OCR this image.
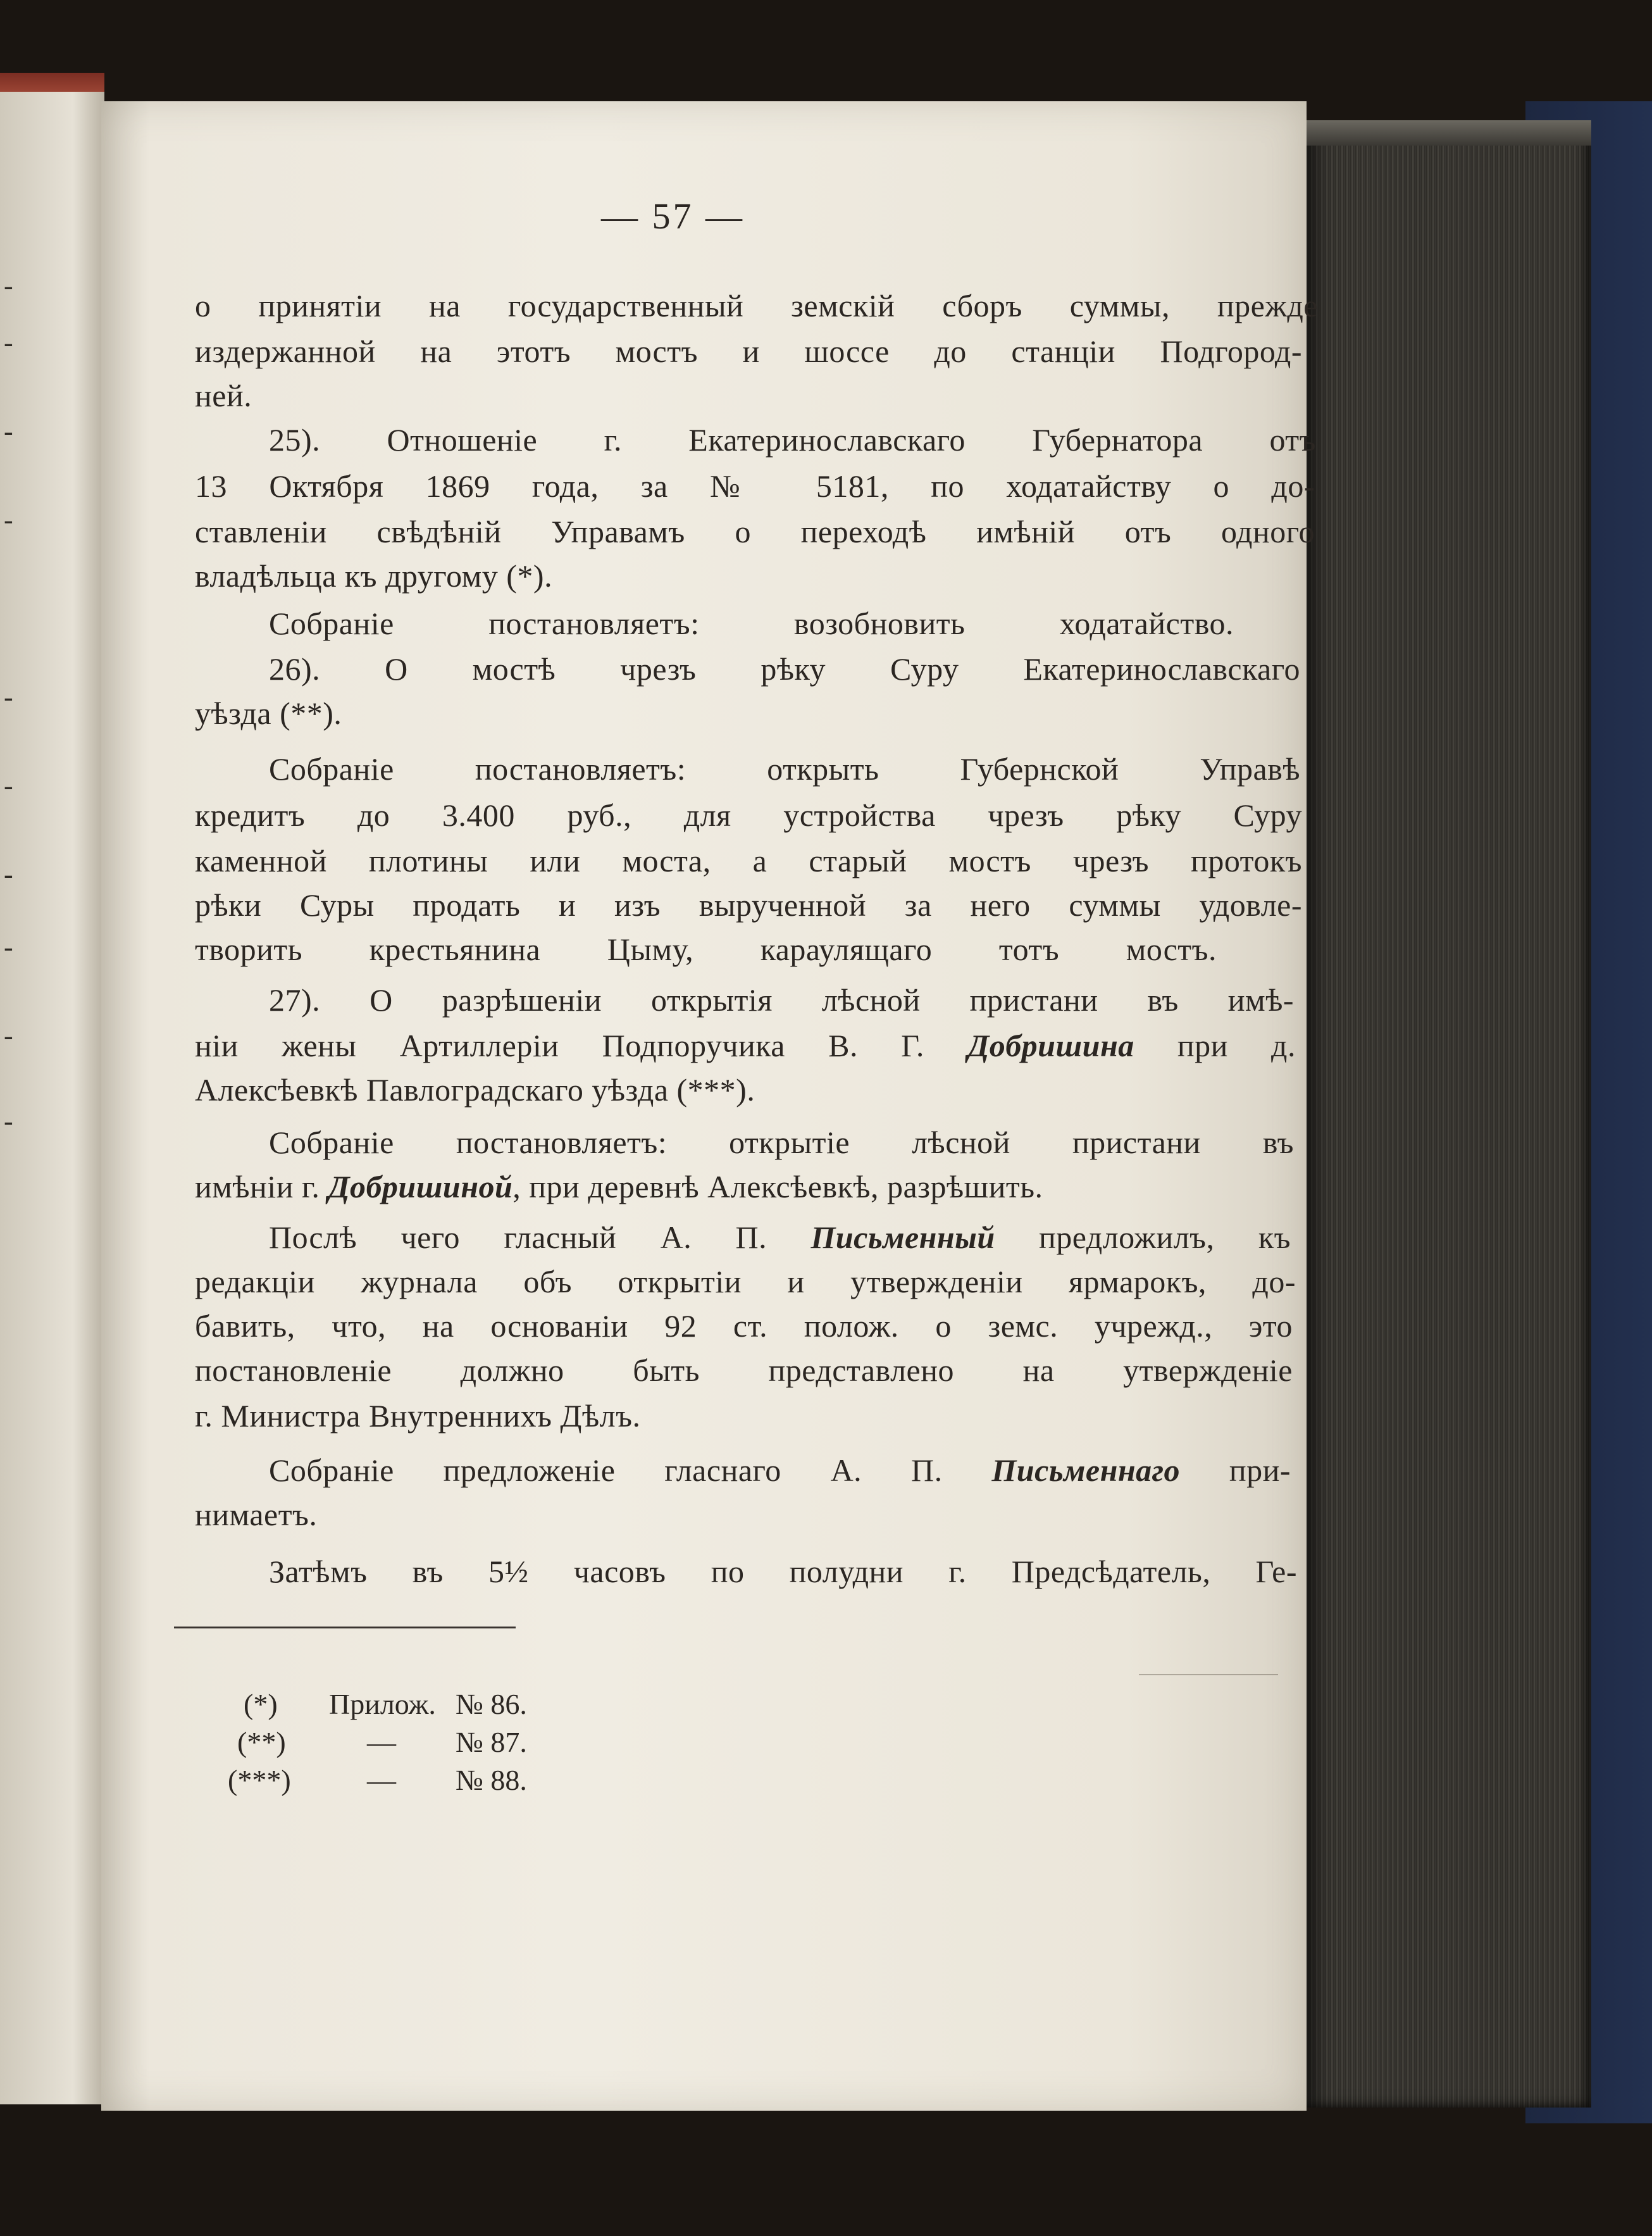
-
-
-
-
-
-
-
-
-
-
— 57 —
о принятіи на государственный земскій сборъ суммы, прежде
издержанной на этотъ мостъ и шоссе до станціи Подгород-
ней.
25). Отношеніе г. Екатеринославскаго Губернатора отъ
13 Октября 1869 года, за № 5181, по ходатайству о до-
ставленіи свѣдѣній Управамъ о переходѣ имѣній отъ одного
владѣльца къ другому (*).
Собраніе постановляетъ: возобновить ходатайство.
26). О мостѣ чрезъ рѣку Суру Екатеринославскаго
уѣзда (**).
Собраніе постановляетъ: открыть Губернской Управѣ
кредитъ до 3.400 руб., для устройства чрезъ рѣку Суру
каменной плотины или моста, а старый мостъ чрезъ протокъ
рѣки Суры продать и изъ вырученной за него суммы удовле-
творить крестьянина Цыму, караулящаго тотъ мостъ.
27). О разрѣшеніи открытія лѣсной пристани въ имѣ-
ніи жены Артиллеріи Подпоручика В. Г. Добришина при д.
Алексѣевкѣ Павлоградскаго уѣзда (***).
Собраніе постановляетъ: открытіе лѣсной пристани въ
имѣніи г. Добришиной, при деревнѣ Алексѣевкѣ, разрѣшить.
Послѣ чего гласный А. П. Письменный предложилъ, къ
редакціи журнала объ открытіи и утвержденіи ярмарокъ, до-
бавить, что, на основаніи 92 ст. полож. о земс. учрежд., это
постановленіе должно быть представлено на утвержденіе
г. Министра Внутреннихъ Дѣлъ.
Собраніе предложеніе гласнаго А. П. Письменнаго при-
нимаетъ.
Затѣмъ въ 5½ часовъ по полудни г. Предсѣдатель, Ге-
(*) Прилож. № 86.
(**)	— № 87.
(***)	— № 88.
